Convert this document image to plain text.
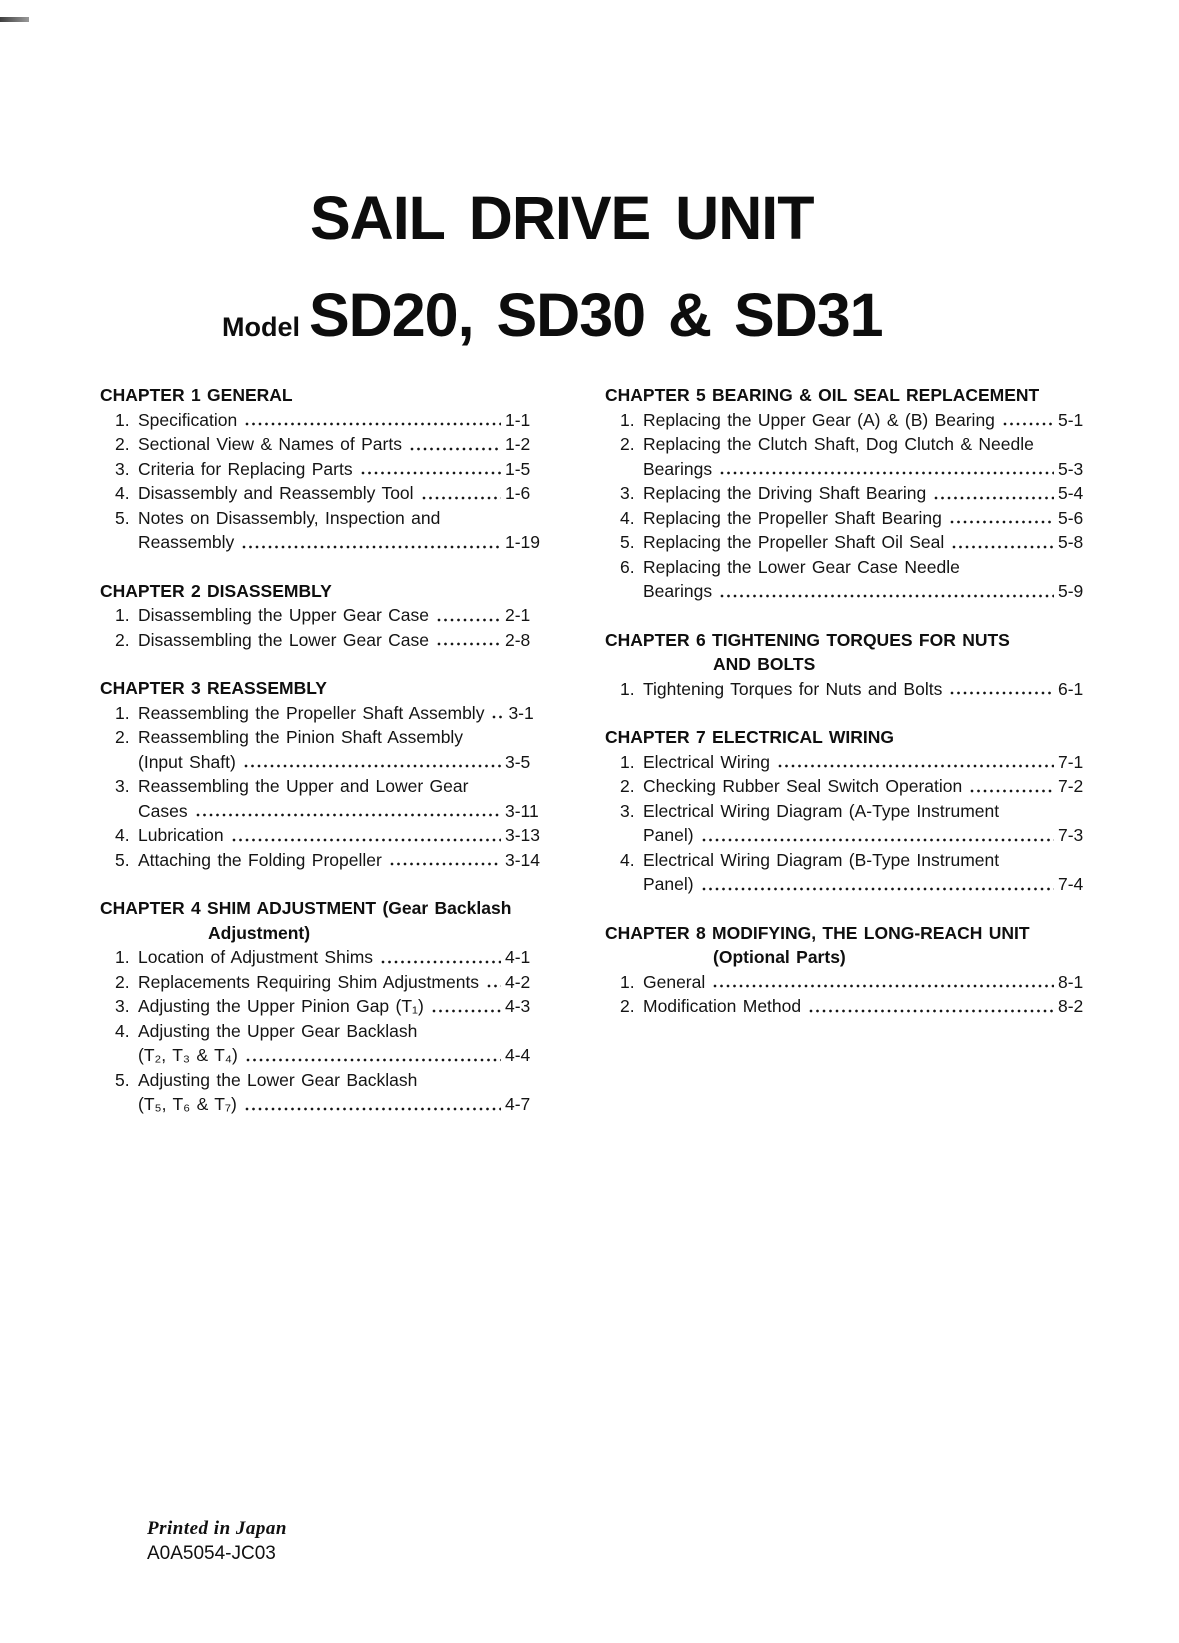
SAIL DRIVE UNIT
Model SD20, SD30 & SD31
CHAPTER 1 GENERAL
1. Specification	1-1
2. Sectional View & Names of Parts	1-2
3. Criteria for Replacing Parts	1-5
4. Disassembly and Reassembly Tool	1-6
5. Notes on Disassembly, Inspection and
Reassembly	1-19
CHAPTER 2 DISASSEMBLY
1. Disassembling the Upper Gear Case	2-1
2. Disassembling the Lower Gear Case	2-8
CHAPTER 3 REASSEMBLY
1. Reassembling the Propeller Shaft Assembly 3-1
2. Reassembling the Pinion Shaft Assembly
(Input Shaft)	3-5
3. Reassembling the Upper and Lower Gear
Cases	3-11
4. Lubrication	3-13
5. Attaching the Folding Propeller	3-14
CHAPTER 4 SHIM ADJUSTMENT (Gear Backlash
Adjustment)
1. Location of Adjustment Shims	4-1
2. Replacements Requiring Shim Adjustments 4-2
3. Adjusting the Upper Pinion Gap (T₁)	4-3
4. Adjusting the Upper Gear Backlash
(T₂, T₃ & T₄)	4-4
5. Adjusting the Lower Gear Backlash
(T₅, T₆ & T₇)	4-7
CHAPTER 5 BEARING & OIL SEAL REPLACEMENT
1. Replacing the Upper Gear (A) & (B) Bearing	5-1
2. Replacing the Clutch Shaft, Dog Clutch & Needle
Bearings	5-3
3. Replacing the Driving Shaft Bearing	5-4
4. Replacing the Propeller Shaft Bearing	5-6
5. Replacing the Propeller Shaft Oil Seal	5-8
6. Replacing the Lower Gear Case Needle
Bearings	5-9
CHAPTER 6 TIGHTENING TORQUES FOR NUTS
AND BOLTS
1. Tightening Torques for Nuts and Bolts	6-1
CHAPTER 7 ELECTRICAL WIRING
1. Electrical Wiring	7-1
2. Checking Rubber Seal Switch Operation	7-2
3. Electrical Wiring Diagram (A-Type Instrument
Panel)	7-3
4. Electrical Wiring Diagram (B-Type Instrument
Panel)	7-4
CHAPTER 8 MODIFYING, THE LONG-REACH UNIT
(Optional Parts)
1. General	8-1
2. Modification Method	8-2
Printed in Japan
A0A5054-JC03
